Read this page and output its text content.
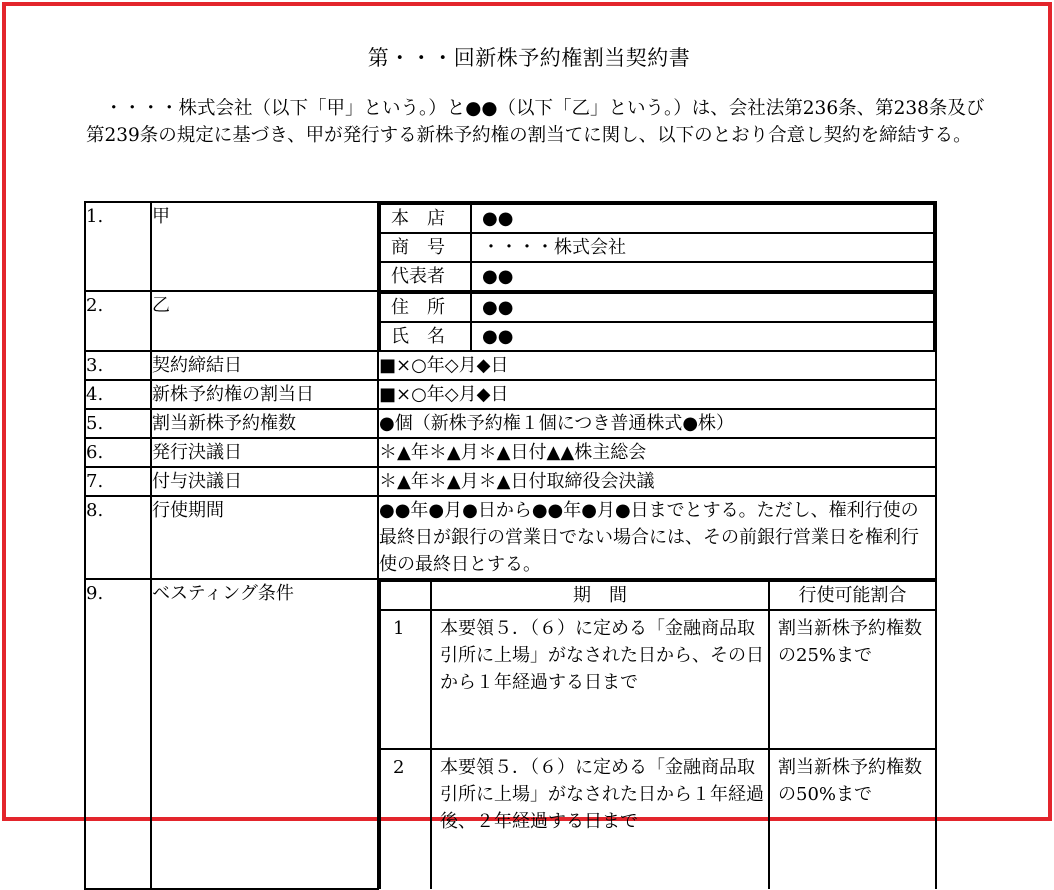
第・・・回新株予約権割当契約書
　・・・・株式会社（以下「甲」という。）と●●（以下「乙」という。）は、会社法第236条、第238条及び第239条の規定に基づき、甲が発行する新株予約権の割当てに関し、以下のとおり合意し契約を締結する。
1.	甲		本　店	●●
商　号	・・・・株式会社
代表者	●●

2.	乙		住　所	●●
氏　名	●●

3.	契約締結日	■×○年◇月◆日
4.	新株予約権の割当日	■×○年◇月◆日
5.	割当新株予約権数	●個（新株予約権１個につき普通株式●株）
6.	発行決議日	＊▲年＊▲月＊▲日付▲▲株主総会
7.	付与決議日	＊▲年＊▲月＊▲日付取締役会決議
8.	行使期間	●●年●月●日から●●年●月●日までとする。ただし、権利行使の最終日が銀行の営業日でない場合には、その前銀行営業日を権利行使の最終日とする。
9.	ベスティング条件	
		期　間	行使可能割合
1	本要領５．（６）に定める「金融商品取引所に上場」がなされた日から、その日から１年経過する日まで	割当新株予約権数の25%まで
2	本要領５．（６）に定める「金融商品取引所に上場」がなされた日から１年経過後、２年経過する日まで	割当新株予約権数の50%まで
